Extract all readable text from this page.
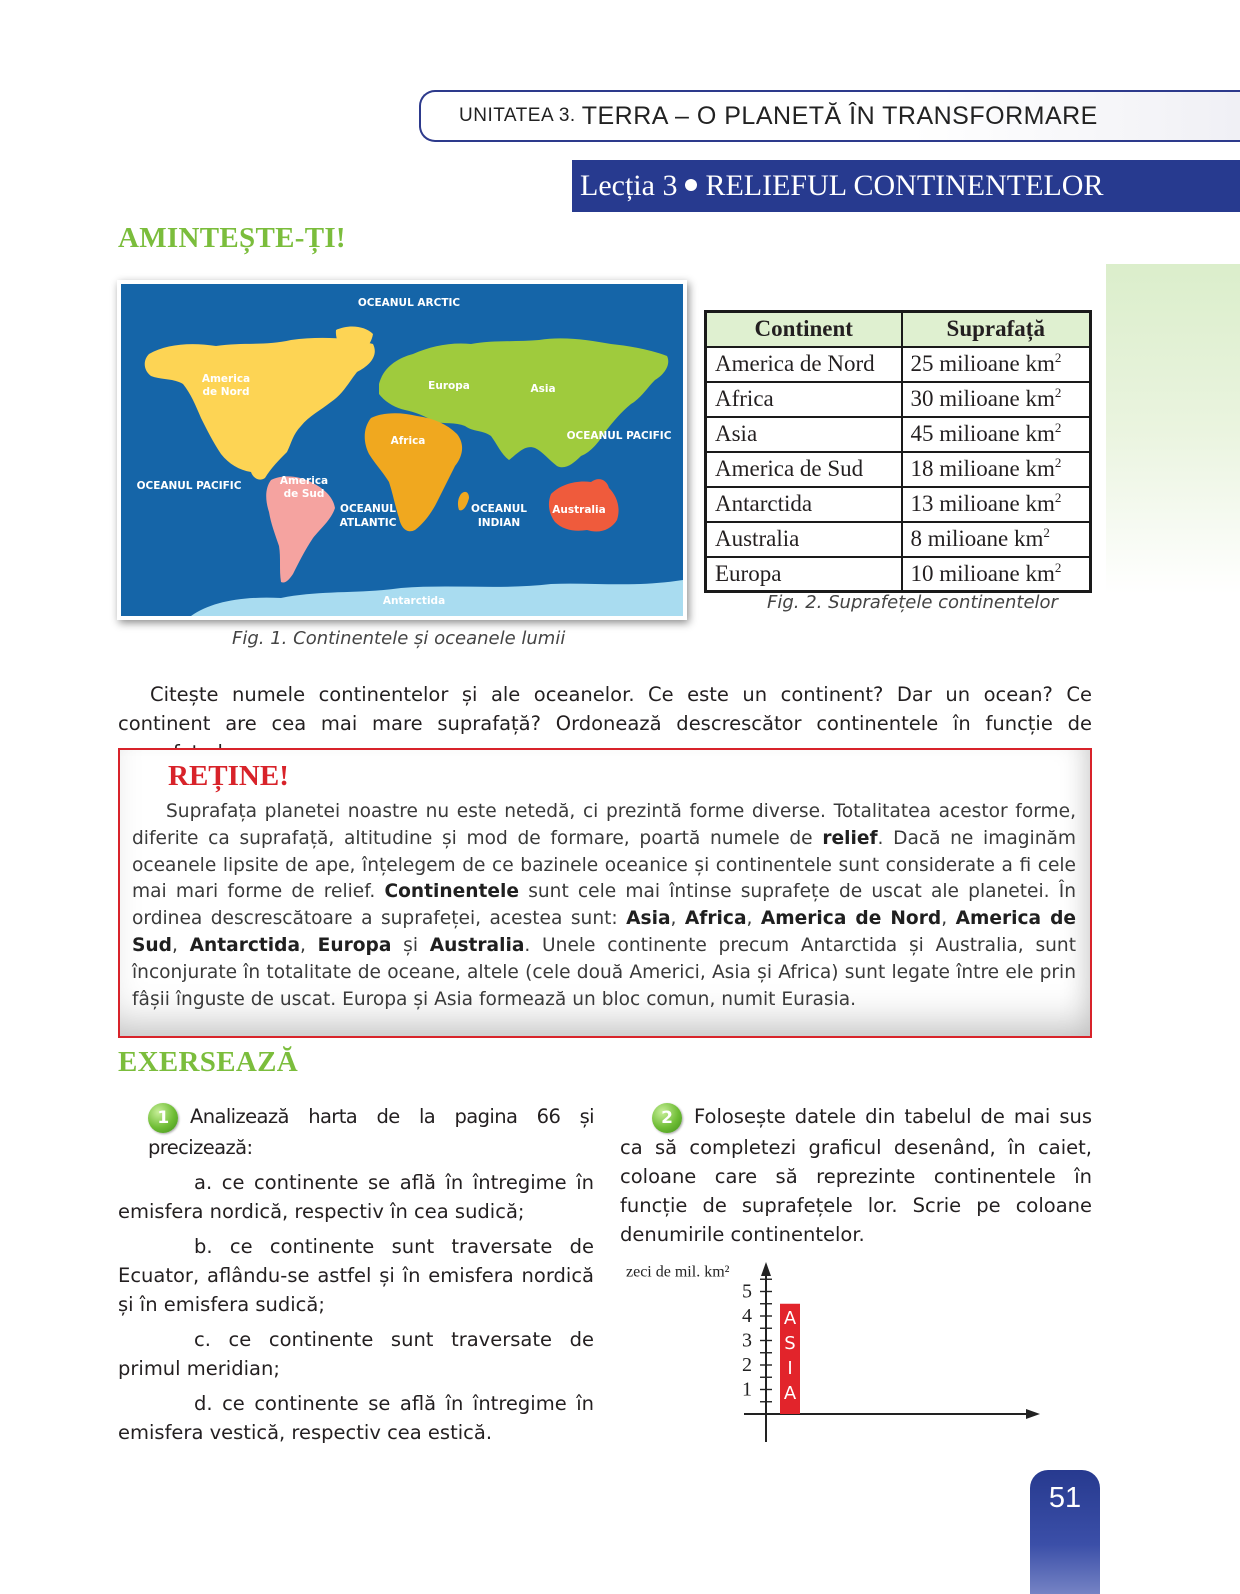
UNITATEA 3. TERRA – O PLANETĂ ÎN TRANSFORMARE
Lecția 3 RELIEFUL CONTINENTELOR
AMINTEȘTE-ȚI!
OCEANUL ARCTIC
America
de Nord
America
de Sud
Europa	Asia
Africa
Australia
Antarctida
OCEANUL PACIFIC
OCEANUL PACIFIC
OCEANUL
ATLANTIC
OCEANUL
INDIAN
Fig. 1. Continentele și oceanele lumii
Continent	Suprafață
America de Nord	25 milioane $km^2$
Africa	30 milioane $km^2$
Asia	45 milioane $km^2$
America de Sud	18 milioane $km^2$
Antarctida	13 milioane $km^2$
Australia	8 milioane $km^2$
Europa	10 milioane $km^2$
Fig. 2. Suprafețele continentelor
Citește numele continentelor și ale oceanelor. Ce este un continent? Dar un ocean? Ce continent are cea mai mare suprafață? Ordonează descrescător continentele în funcție de
REȚINE!
Suprafața planetei noastre nu este netedă, ci prezintă forme diverse. Totalitatea acestor forme, diferite ca suprafață, altitudine și mod de formare, poartă numele de relief. Dacă ne imaginăm oceanele lipsite de ape, înțelegem de ce bazinele oceanice și continentele sunt considerate a fi cele mai mari forme de relief. Continentele sunt cele mai întinse suprafețe de uscat ale planetei. În ordinea descrescătoare a suprafeței, acestea sunt: Asia, Africa, America de Nord, America de Sud, Antarctida, Europa și Australia. Unele continente precum Antarctida și Australia, sunt înconjurate în totalitate de oceane, altele (cele două Americi, Asia și Africa) sunt legate între ele prin fâșii înguste de uscat. Europa și Asia formează un bloc comun, numit Eurasia.
EXERSEAZĂ
1 Analizează harta de la pagina 66 și precizează:
a. ce continente se află în întregime în emisfera nordică, respectiv în cea sudică;
b. ce continente sunt traversate de Ecuator, aflându-se astfel și în emisfera nordică și în emisfera sudică;
c. ce continente sunt traversate de primul meridian;
d. ce continente se află în întregime în emisfera vestică, respectiv cea estică.
2 Folosește datele din tabelul de mai sus ca să completezi graficul desenând, în caiet, coloane care să reprezinte continentele în funcție de suprafețele lor. Scrie pe coloane denumirile continentelor.
zeci de mil. km²
1
2
3
4
5
A
S
I
A
51
